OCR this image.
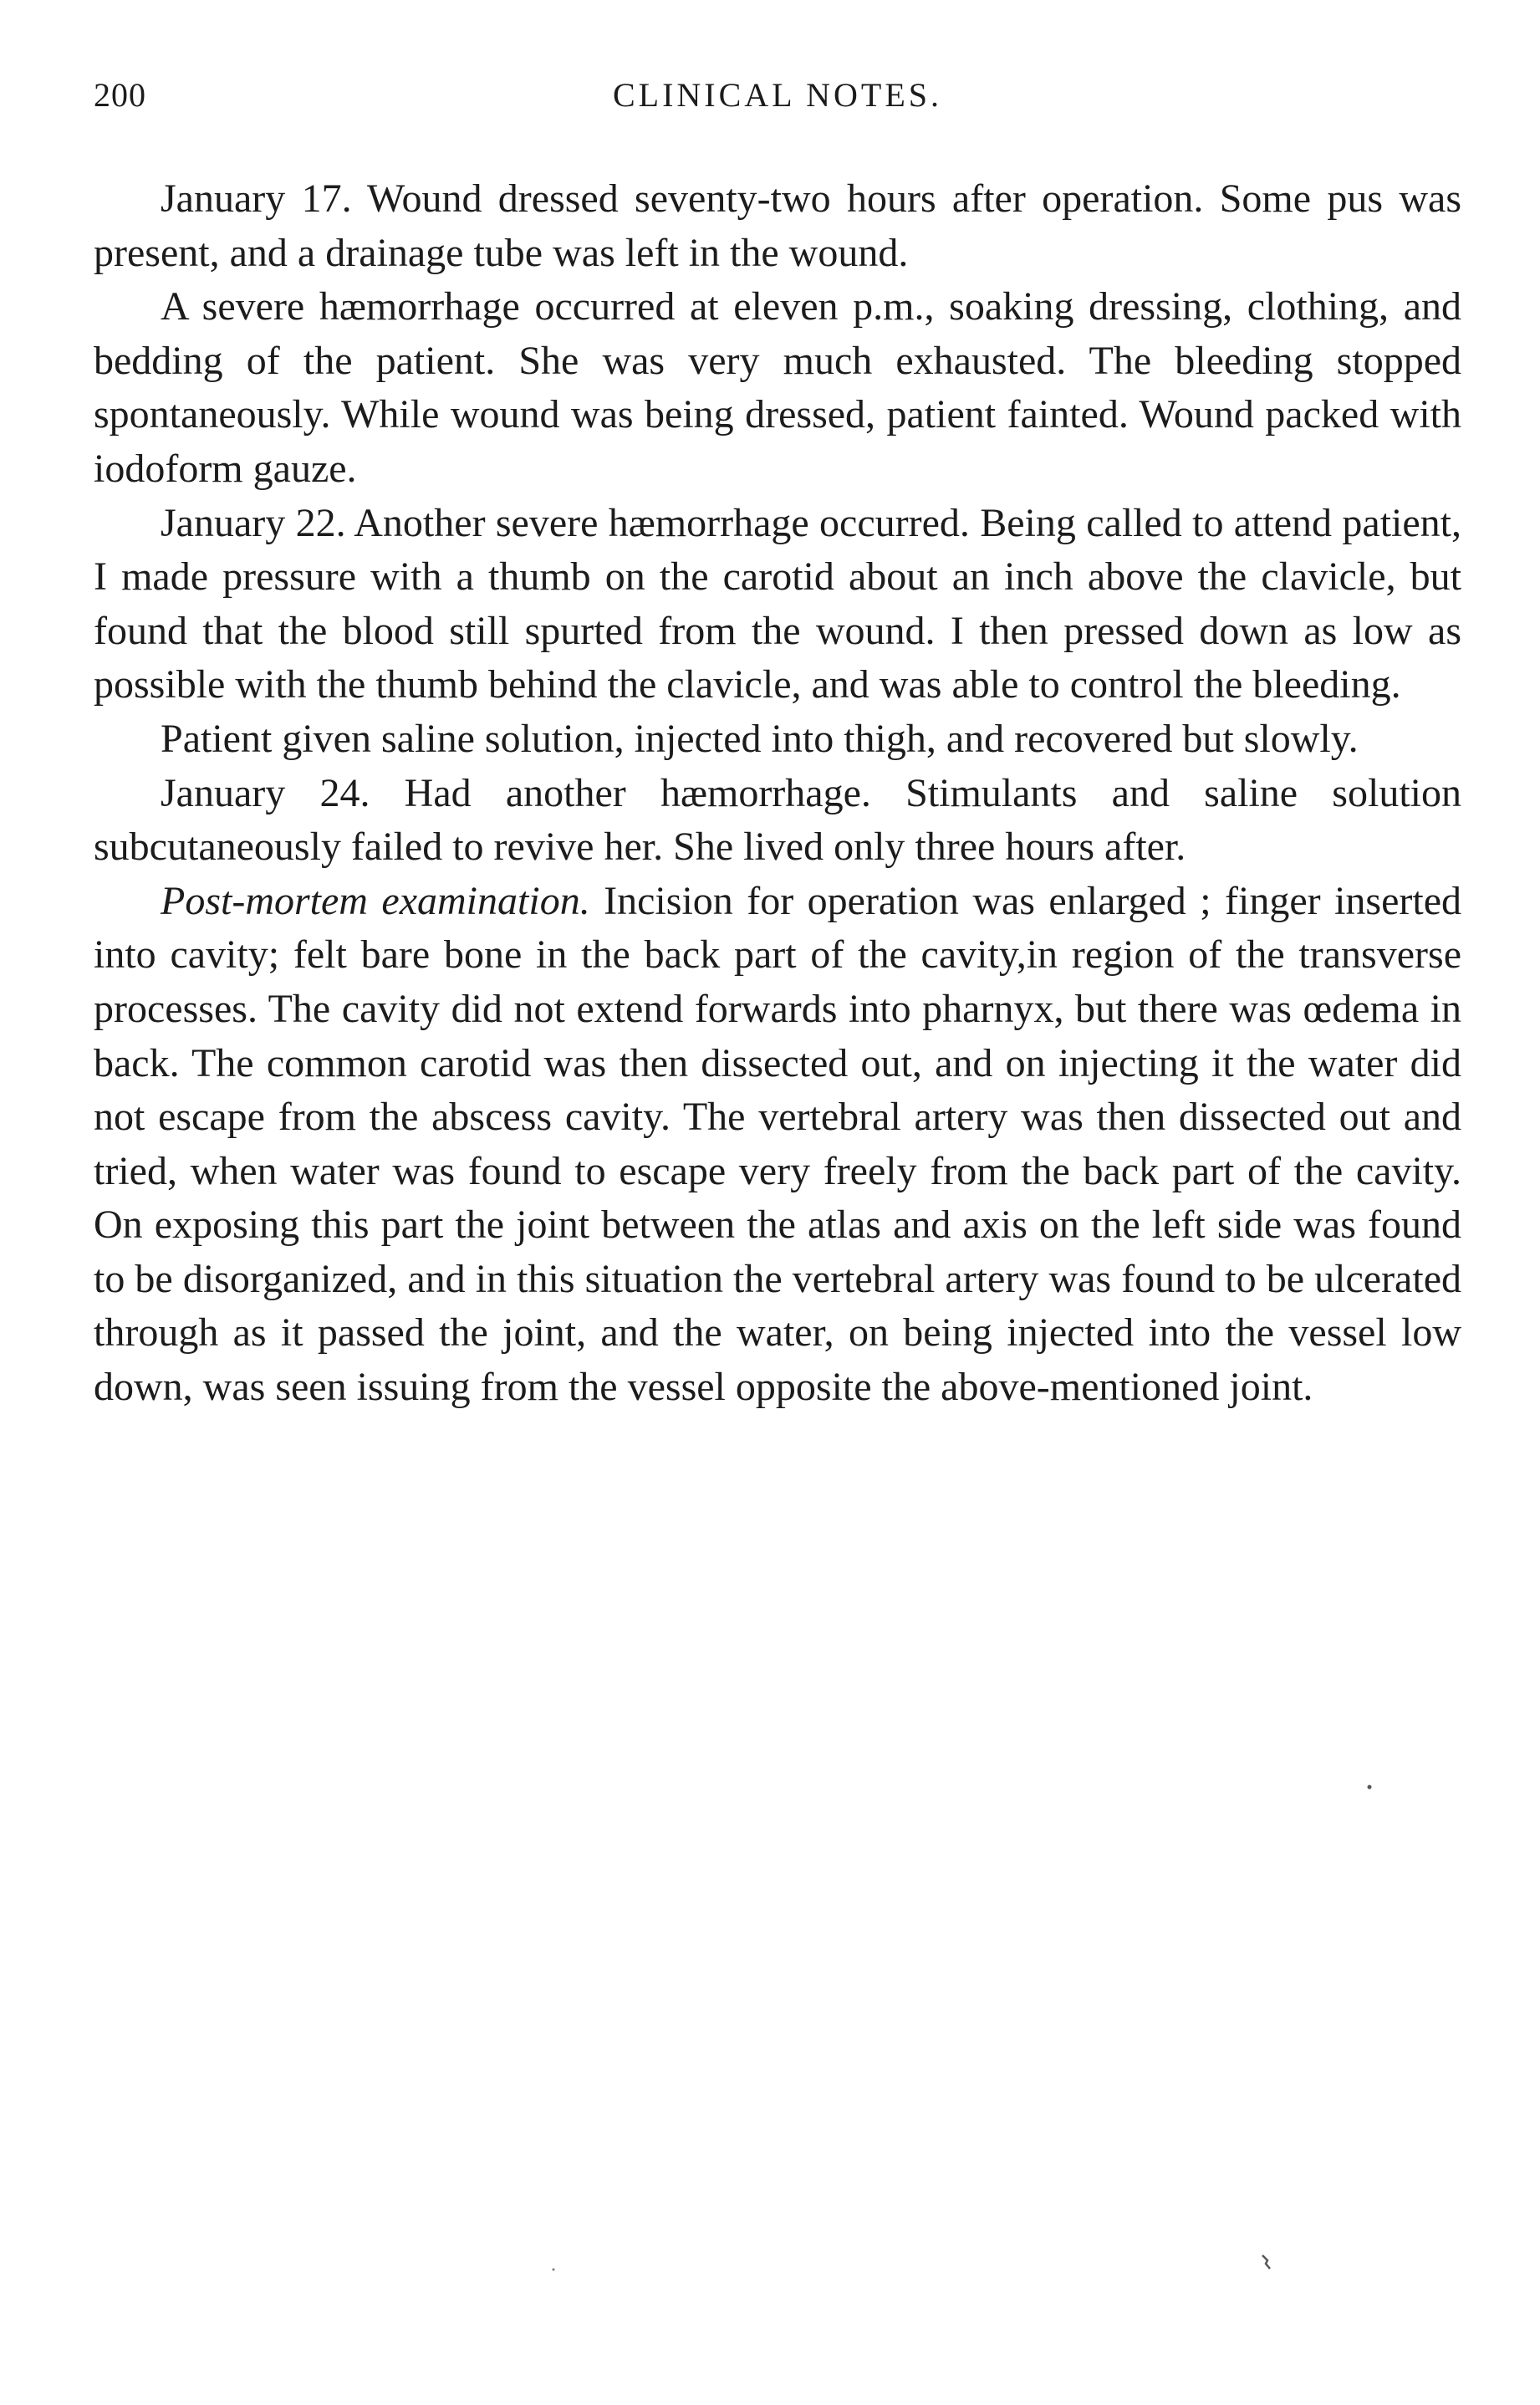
200	CLINICAL NOTES.

January 17. Wound dressed seventy-two hours after operation. Some pus was present, and a drainage tube was left in the wound.

A severe hæmorrhage occurred at eleven p.m., soaking dressing, clothing, and bedding of the patient. She was very much exhausted. The bleeding stopped spontaneously. While wound was being dressed, patient fainted. Wound packed with iodoform gauze.

January 22. Another severe hæmorrhage occurred. Being called to attend patient, I made pressure with a thumb on the carotid about an inch above the clavicle, but found that the blood still spurted from the wound. I then pressed down as low as possible with the thumb behind the clavicle, and was able to control the bleeding.

Patient given saline solution, injected into thigh, and recovered but slowly.

January 24. Had another hæmorrhage. Stimulants and saline solution subcutaneously failed to revive her. She lived only three hours after.

Post-mortem examination. Incision for operation was enlarged ; finger inserted into cavity; felt bare bone in the back part of the cavity,in region of the transverse processes. The cavity did not extend forwards into pharnyx, but there was œdema in back. The common carotid was then dissected out, and on injecting it the water did not escape from the abscess cavity. The vertebral artery was then dissected out and tried, when water was found to escape very freely from the back part of the cavity. On exposing this part the joint between the atlas and axis on the left side was found to be disorganized, and in this situation the vertebral artery was found to be ulcerated through as it passed the joint, and the water, on being injected into the vessel low down, was seen issuing from the vessel opposite the above-mentioned joint.
